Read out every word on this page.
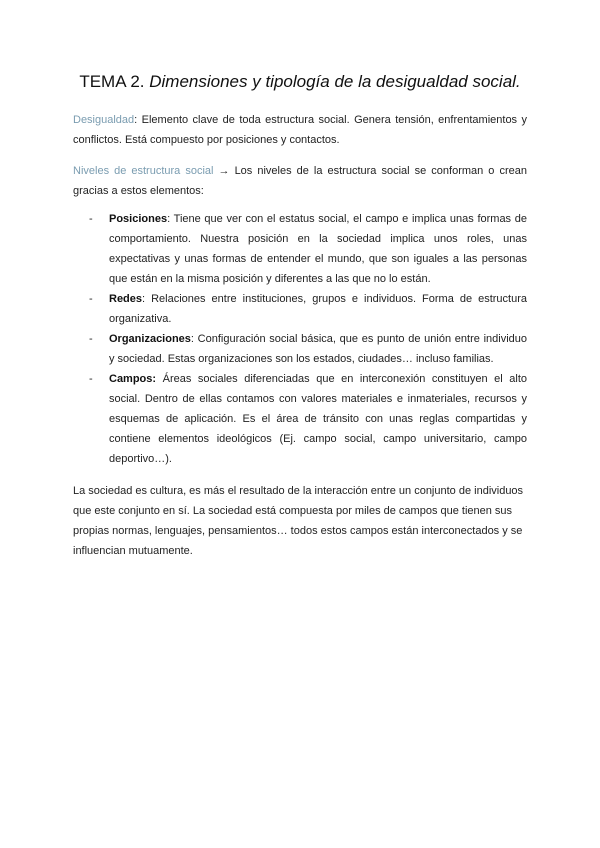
TEMA 2. Dimensiones y tipología de la desigualdad social.

Desigualdad: Elemento clave de toda estructura social. Genera tensión, enfrentamientos y conflictos. Está compuesto por posiciones y contactos.

Niveles de estructura social → Los niveles de la estructura social se conforman o crean gracias a estos elementos:

- Posiciones: Tiene que ver con el estatus social, el campo e implica unas formas de comportamiento. Nuestra posición en la sociedad implica unos roles, unas expectativas y unas formas de entender el mundo, que son iguales a las personas que están en la misma posición y diferentes a las que no lo están.
- Redes: Relaciones entre instituciones, grupos e individuos. Forma de estructura organizativa.
- Organizaciones: Configuración social básica, que es punto de unión entre individuo y sociedad. Estas organizaciones son los estados, ciudades… incluso familias.
- Campos: Áreas sociales diferenciadas que en interconexión constituyen el alto social. Dentro de ellas contamos con valores materiales e inmateriales, recursos y esquemas de aplicación. Es el área de tránsito con unas reglas compartidas y contiene elementos ideológicos (Ej. campo social, campo universitario, campo deportivo…).

La sociedad es cultura, es más el resultado de la interacción entre un conjunto de individuos que este conjunto en sí. La sociedad está compuesta por miles de campos que tienen sus propias normas, lenguajes, pensamientos… todos estos campos están interconectados y se influencian mutuamente.
